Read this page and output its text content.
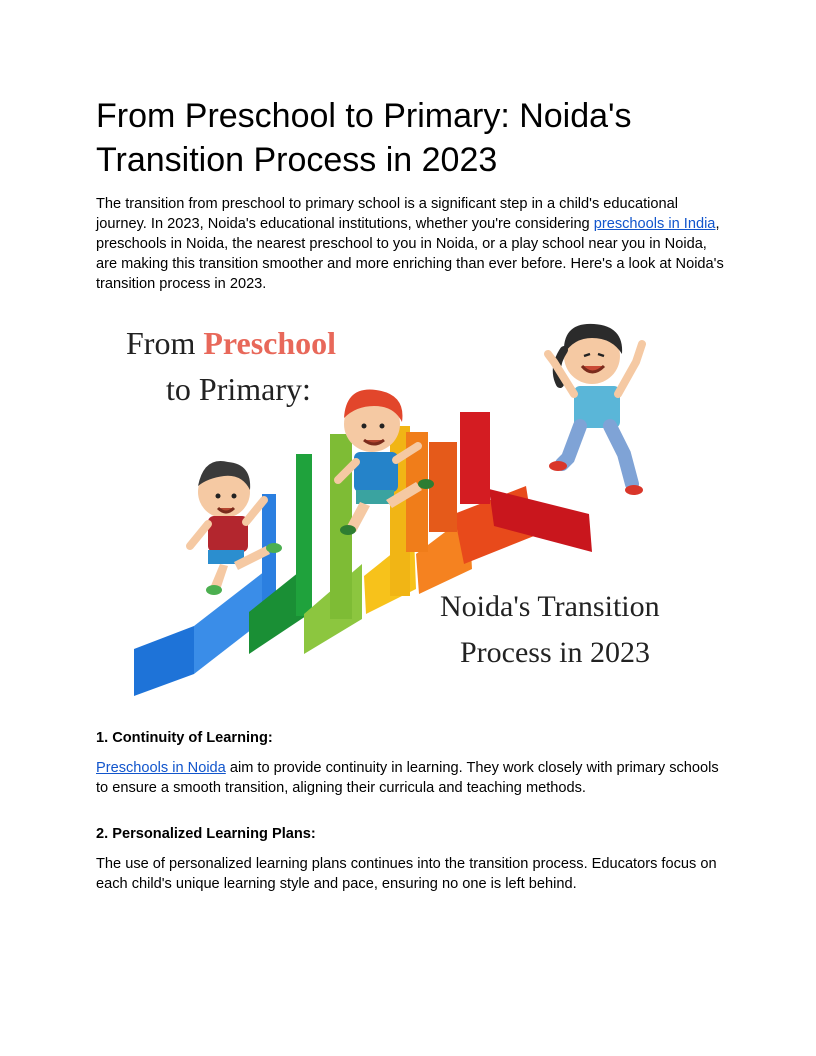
From Preschool to Primary: Noida's Transition Process in 2023

The transition from preschool to primary school is a significant step in a child's educational journey. In 2023, Noida's educational institutions, whether you're considering preschools in India, preschools in Noida, the nearest preschool to you in Noida, or a play school near you in Noida, are making this transition smoother and more enriching than ever before. Here's a look at Noida's transition process in 2023.

From Preschool
to Primary:
Noida's Transition
Process in 2023
1. Continuity of Learning:

Preschools in Noida aim to provide continuity in learning. They work closely with primary schools to ensure a smooth transition, aligning their curricula and teaching methods.

2. Personalized Learning Plans:

The use of personalized learning plans continues into the transition process. Educators focus on each child's unique learning style and pace, ensuring no one is left behind.
